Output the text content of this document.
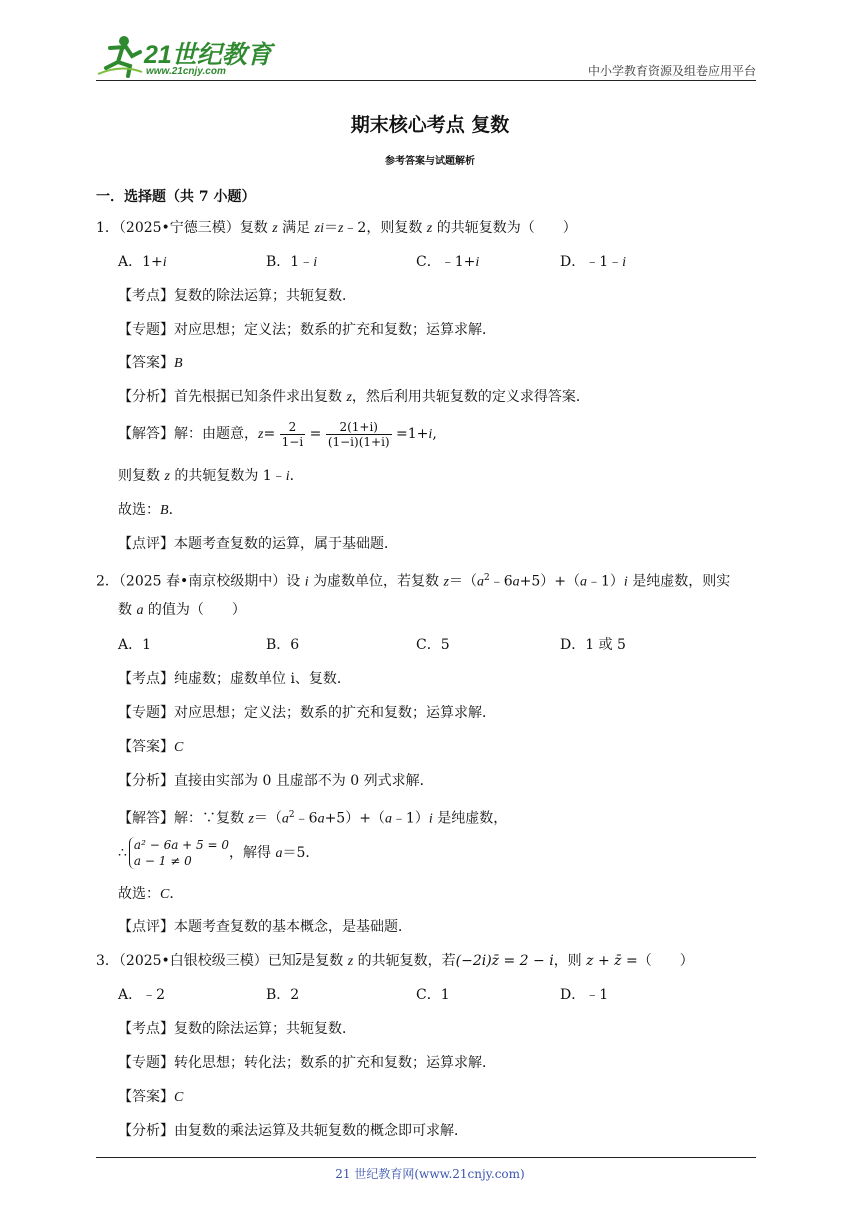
21世纪教育
www.21cnjy.com	中小学教育资源及组卷应用平台
期末核心考点 复数
参考答案与试题解析
一．选择题（共 7 小题）
1．（2025•宁德三模）复数 z 满足 zi＝z﹣2，则复数 z 的共轭复数为（　　）
A．1+i	B．1﹣i	C．﹣1+i	D．﹣1﹣i
【考点】复数的除法运算；共轭复数．
【专题】对应思想；定义法；数系的扩充和复数；运算求解．
【答案】B
【分析】首先根据已知条件求出复数 z，然后利用共轭复数的定义求得答案．
【解答】解：由题意，$z= \frac{2}{1-i} = \frac{2(1+i)}{(1-i)(1+i)} =1+i$,
则复数 z 的共轭复数为 1﹣i．
故选：B．
【点评】本题考查复数的运算，属于基础题．
2．（2025 春•南京校级期中）设 i 为虚数单位，若复数 $z=(a^2﹣6a+5)+(a﹣1)i$ 是纯虚数，则实
数 a 的值为（　　）
A．1	B．6	C．5	D．1 或 5
【考点】纯虚数；虚数单位 i、复数．
【专题】对应思想；定义法；数系的扩充和复数；运算求解．
【答案】C
【分析】直接由实部为 0 且虚部不为 0 列式求解．
【解答】解：∵复数 $z=(a^2﹣6a+5)+(a﹣1)i$ 是纯虚数，
∴ a² − 6a + 5 = 0
a − 1 ≠ 0	，解得 a＝5．
故选：C．
【点评】本题考查复数的基本概念，是基础题．
3．（2025•白银校级三模）已知$\overline{z}$是复数 z 的共轭复数，若(−2i)z̄ = 2 − i，则 z + z̄ =（　　）
A．﹣2	B．2	C．1	D．﹣1
【考点】复数的除法运算；共轭复数．
【专题】转化思想；转化法；数系的扩充和复数；运算求解．
【答案】C
【分析】由复数的乘法运算及共轭复数的概念即可求解．
21 世纪教育网(www.21cnjy.com)
